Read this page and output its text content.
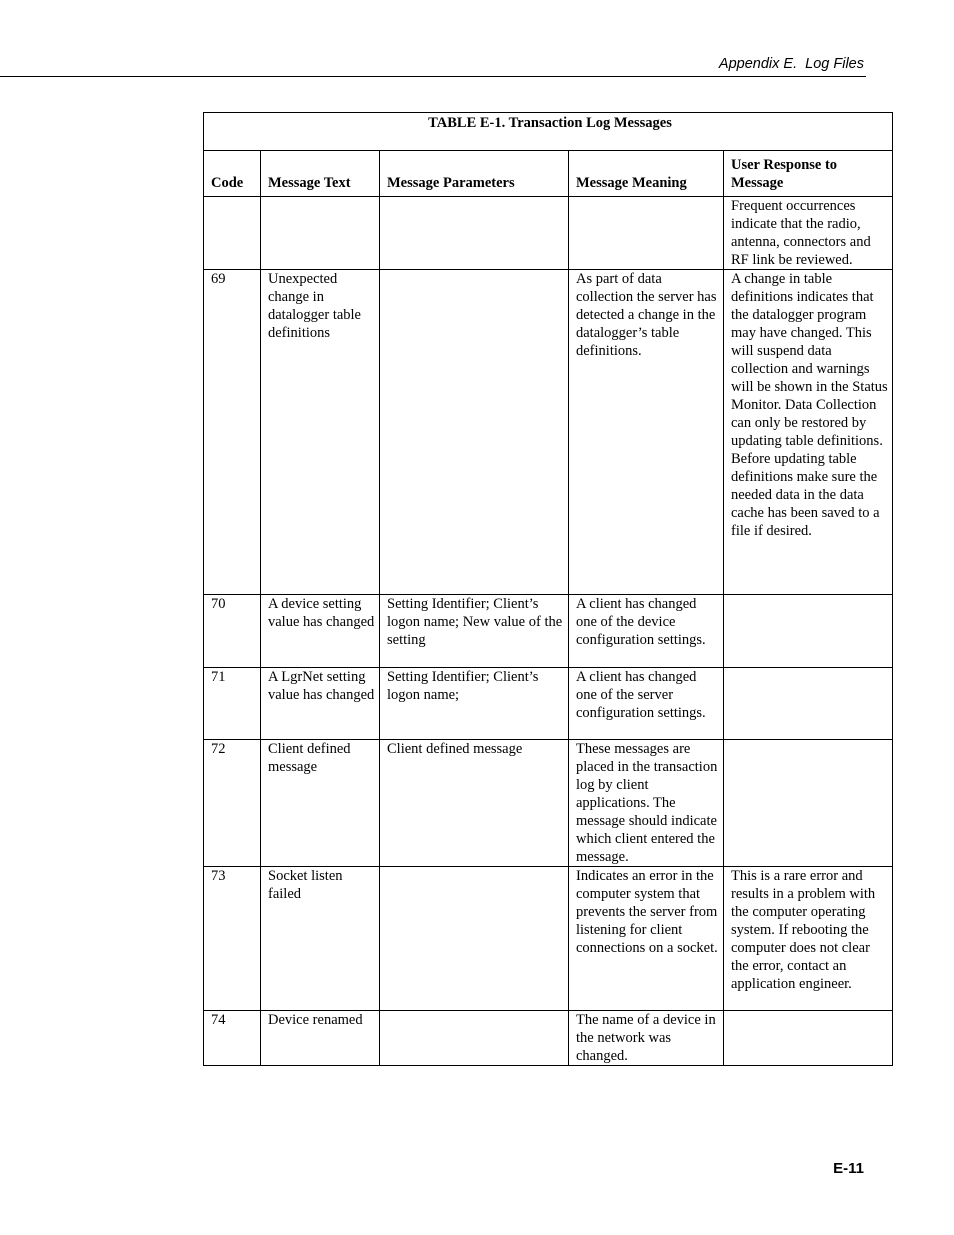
Appendix E.  Log Files
TABLE E-1. Transaction Log Messages				
Code	Message Text	Message Parameters	Message Meaning	User Response to Message
				Frequent occurrences indicate that the radio, antenna, connectors and RF link be reviewed.
69	Unexpected change in datalogger table definitions		As part of data collection the server has detected a change in the datalogger’s table definitions.	A change in table definitions indicates that the datalogger program may have changed. This will suspend data collection and warnings will be shown in the Status Monitor. Data Collection can only be restored by updating table definitions. Before updating table definitions make sure the needed data in the data cache has been saved to a file if desired.
70	A device setting value has changed	Setting Identifier; Client’s logon name; New value of the setting	A client has changed one of the device configuration settings.	
71	A LgrNet setting value has changed	Setting Identifier; Client’s logon name;	A client has changed one of the server configuration settings.	
72	Client defined message	Client defined message	These messages are placed in the transaction log by client applications. The message should indicate which client entered the message.	
73	Socket listen failed		Indicates an error in the computer system that prevents the server from listening for client connections on a socket.	This is a rare error and results in a problem with the computer operating system. If rebooting the computer does not clear the error, contact an application engineer.
74	Device renamed		The name of a device in the network was changed.	
E-11
